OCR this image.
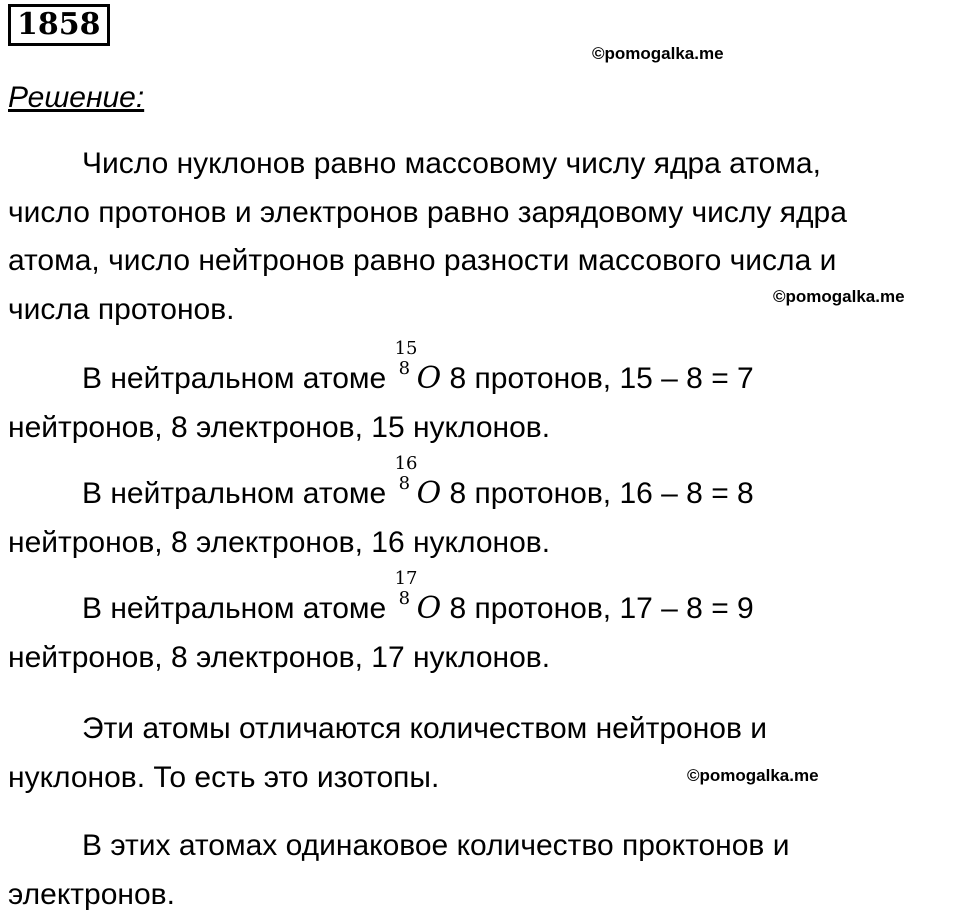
1858
©pomogalka.me
©pomogalka.me
©pomogalka.me
Решение:
Число нуклонов равно массовому числу ядра атома,
число протонов и электронов равно зарядовому числу ядра
атома, число нейтронов равно разности массового числа и
числа протонов.
В нейтральном атоме
15
8 O 8 протонов, 15 – 8 = 7
нейтронов, 8 электронов, 15 нуклонов.
В нейтральном атоме
16
8 O 8 протонов, 16 – 8 = 8
нейтронов, 8 электронов, 16 нуклонов.
В нейтральном атоме
17
8 O 8 протонов, 17 – 8 = 9
нейтронов, 8 электронов, 17 нуклонов.
Эти атомы отличаются количеством нейтронов и
нуклонов. То есть это изотопы.
В этих атомах одинаковое количество проктонов и
электронов.
